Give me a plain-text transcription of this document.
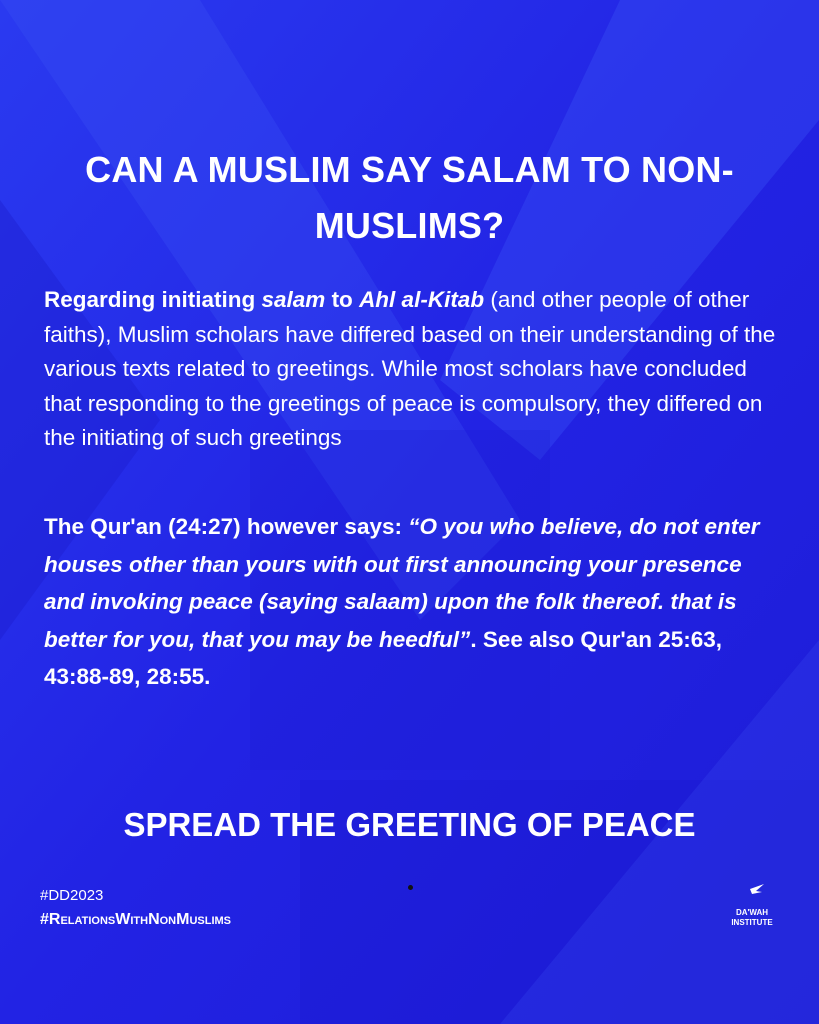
CAN A MUSLIM SAY SALAM TO NON-MUSLIMS?
Regarding initiating salam to Ahl al-Kitab (and other people of other faiths), Muslim scholars have differed based on their understanding of the various texts related to greetings. While most scholars have concluded that responding to the greetings of peace is compulsory, they differed on the initiating of such greetings
The Qur'an (24:27) however says: “O you who believe, do not enter houses other than yours with out first announcing your presence and invoking peace (saying salaam) upon the folk thereof. that is better for you, that you may be heedful”. See also Qur'an 25:63, 43:88-89, 28:55.
SPREAD THE GREETING OF PEACE
#DD2023
#RelationsWithNonMuslims	DA'WAH
INSTITUTE
